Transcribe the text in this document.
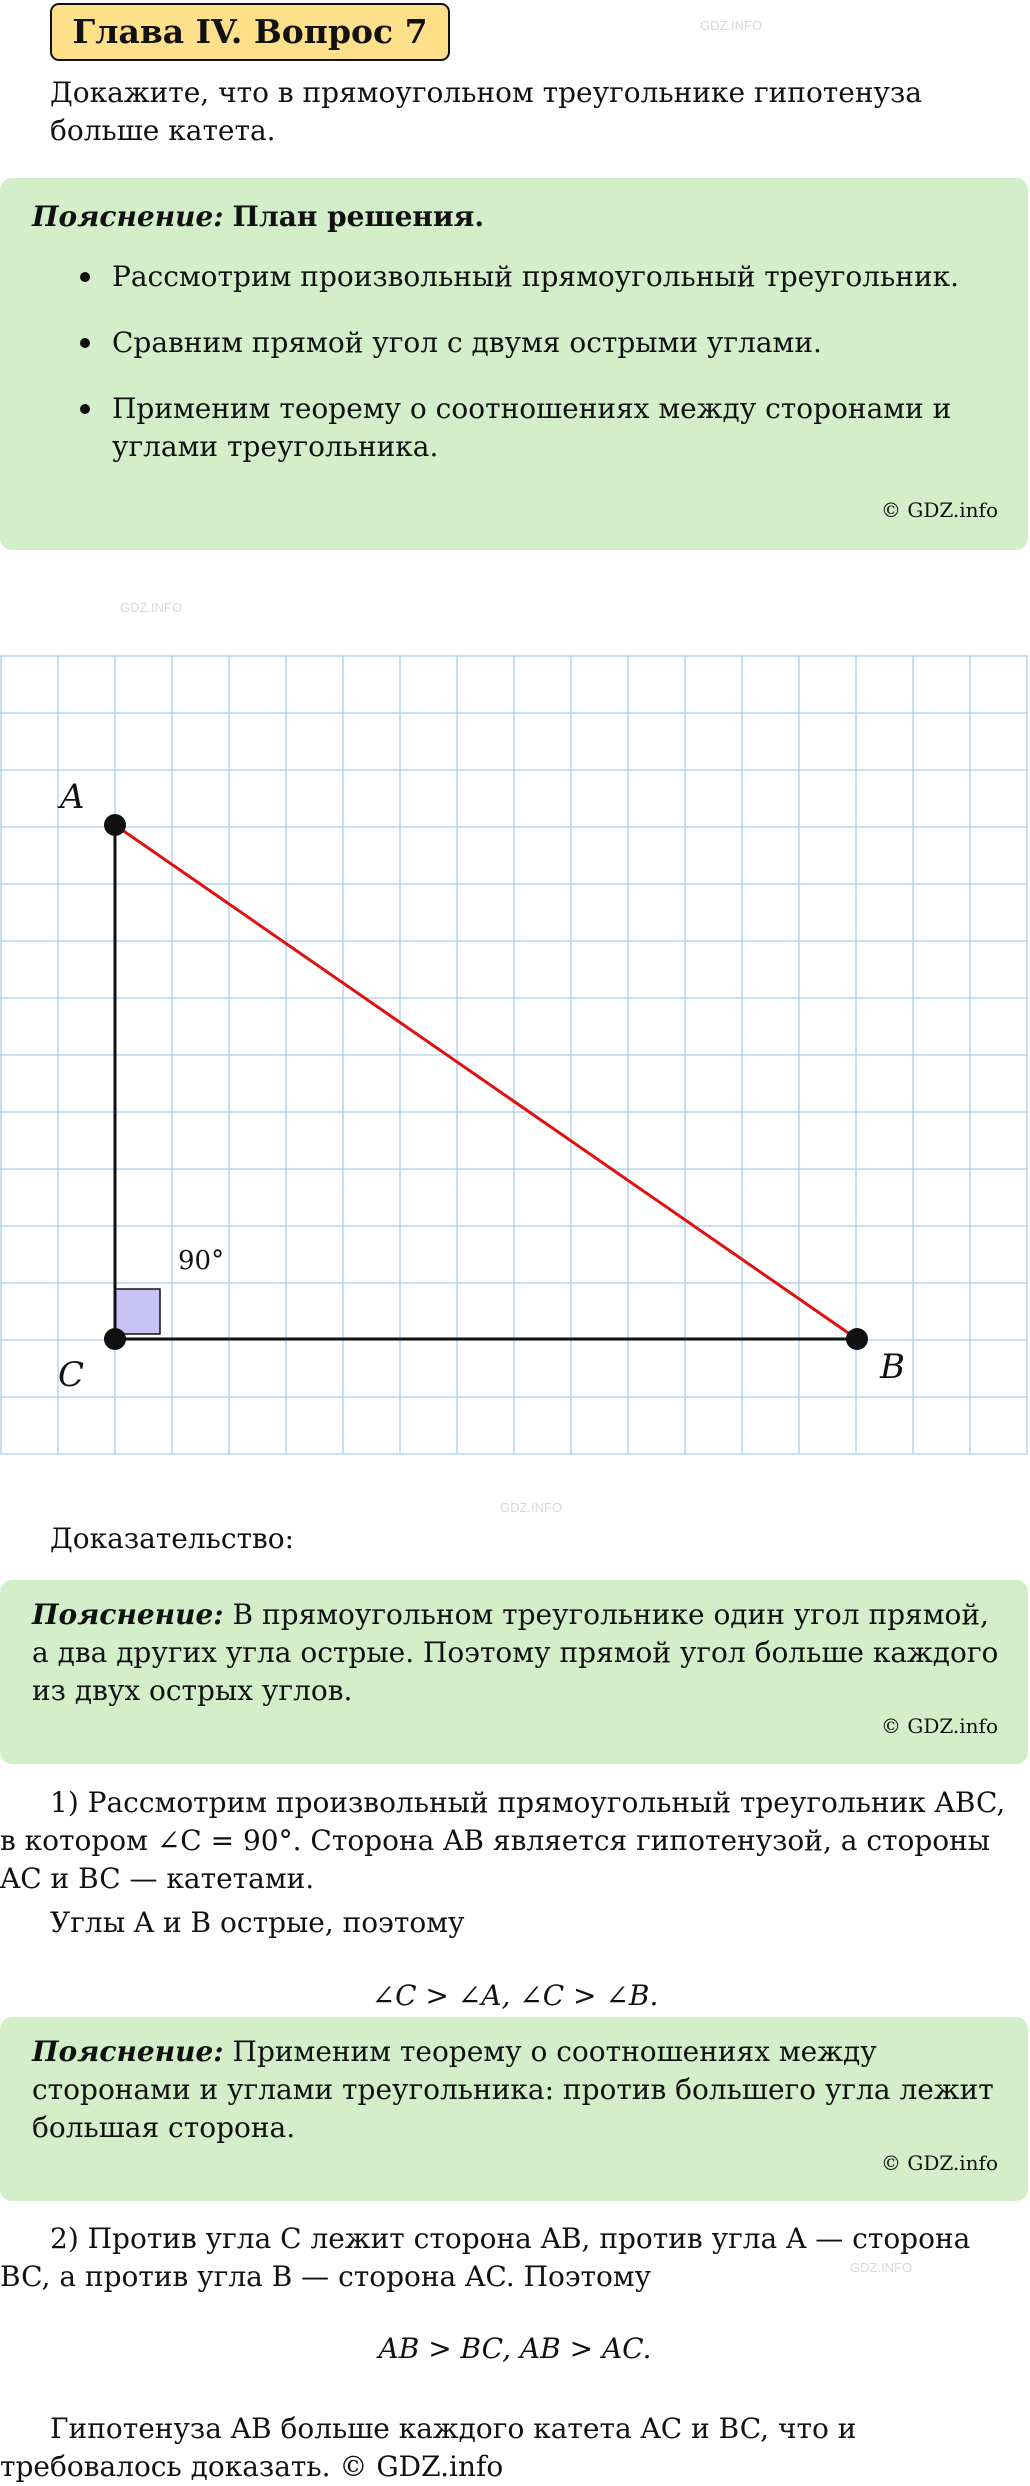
GDZ.INFO
GDZ.INFO
GDZ.INFO
GDZ.INFO
Глава IV. Вопрос 7

Докажите, что в прямоугольном треугольнике гипотенуза больше катета.

Пояснение: План решения.
Рассмотрим произвольный прямоугольный треугольник.
Сравним прямой угол с двумя острыми углами.
Применим теорему о соотношениях между сторонами и углами треугольника.
© GDZ.info
A
C	B
90°

Доказательство:

Пояснение: В прямоугольном треугольнике один угол прямой, а два других угла острые. Поэтому прямой угол больше каждого из двух острых углов.

© GDZ.info

1) Рассмотрим произвольный прямоугольный треугольник ABC, в котором ∠C = 90°. Сторона AB является гипотенузой, а стороны AC и BC — катетами.

Углы A и B острые, поэтому

∠C > ∠A, ∠C > ∠B.

Пояснение: Применим теорему о соотношениях между сторонами и углами треугольника: против большего угла лежит большая сторона.

© GDZ.info

2) Против угла C лежит сторона AB, против угла A — сторона BC, а против угла B — сторона AC. Поэтому

AB > BC, AB > AC.

Гипотенуза AB больше каждого катета AC и BC, что и требовалось доказать. © GDZ.info
